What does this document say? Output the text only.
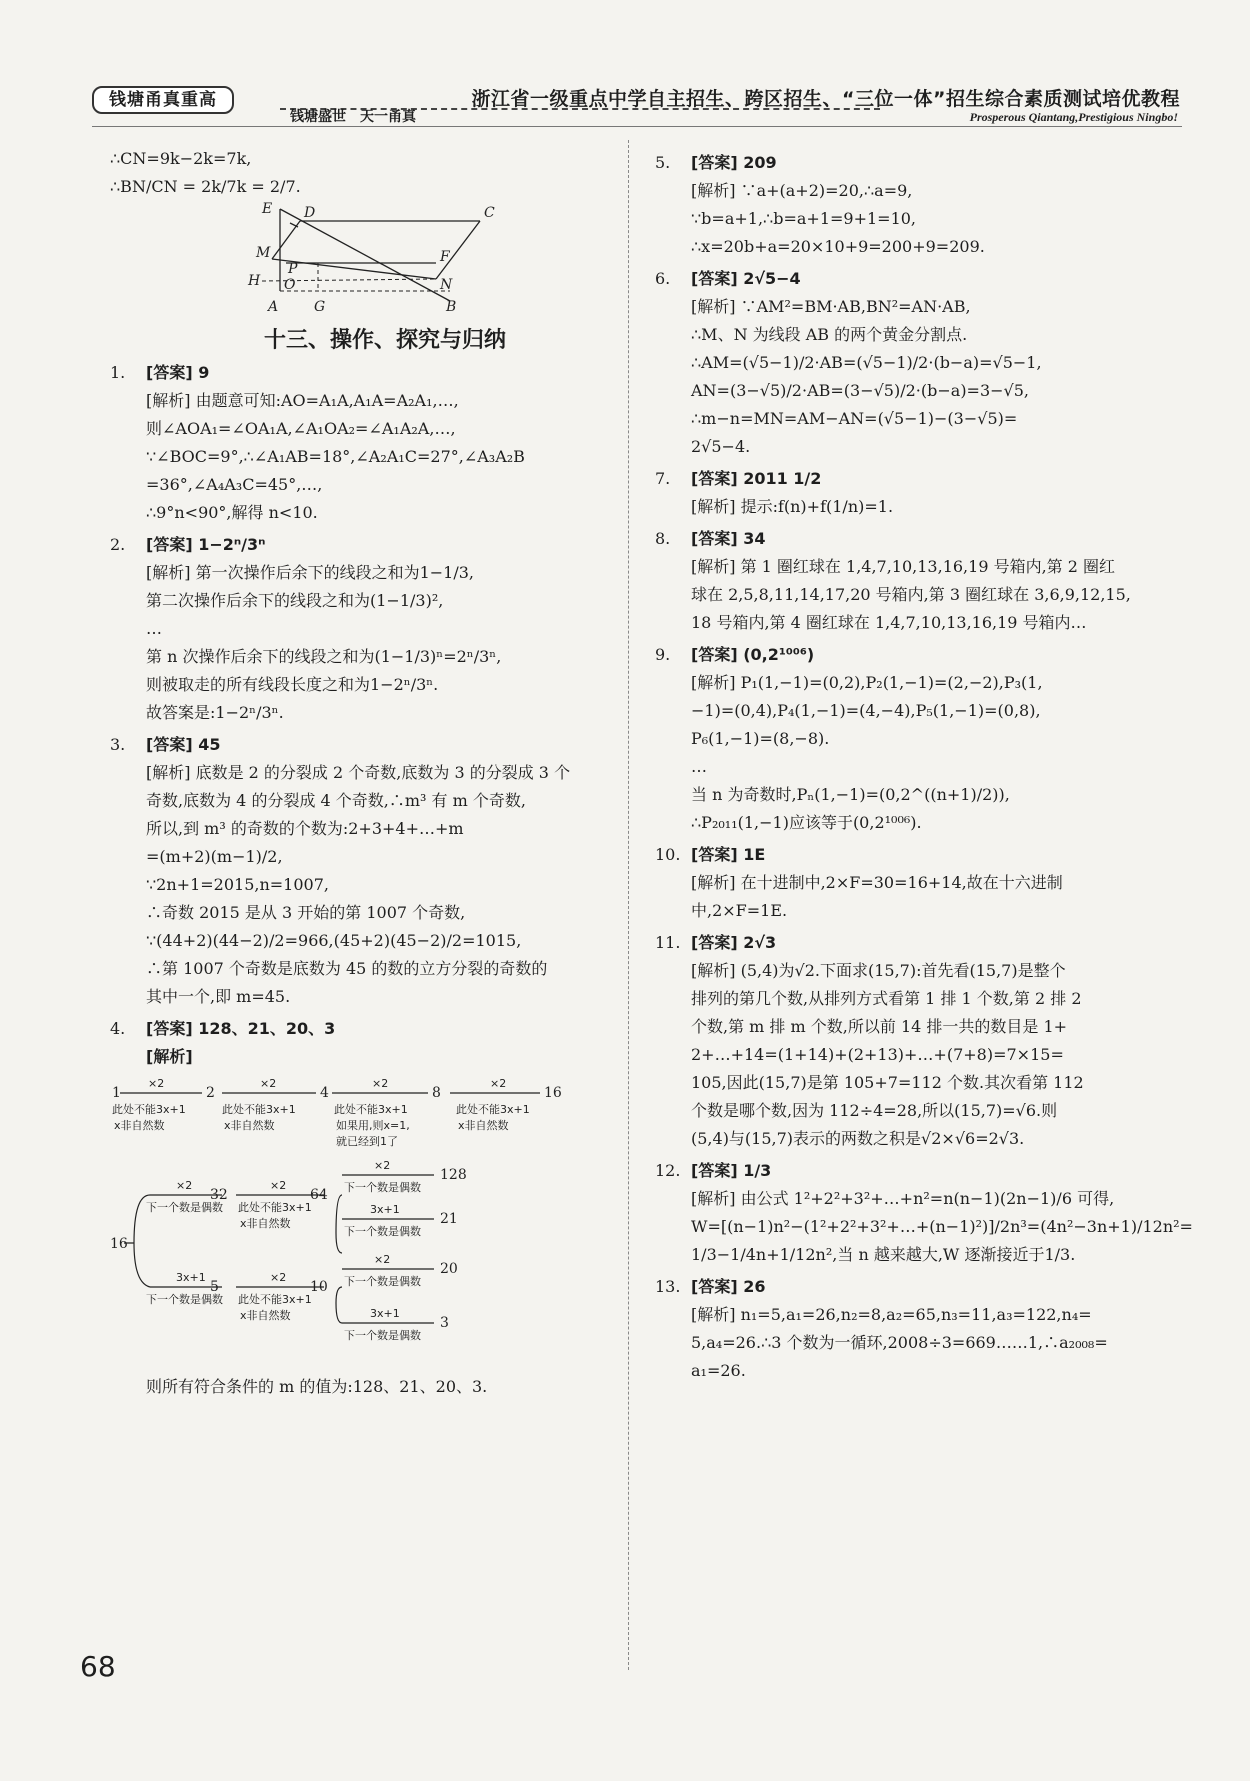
钱塘甬真重高	浙江省一级重点中学自主招生、跨区招生、“三位一体”招生综合素质测试培优教程
钱塘盛世　天一甬真	Prosperous Qiantang,Prestigious Ningbo!
∴CN=9k−2k=7k,
∴BN/CN = 2k/7k = 2/7.
E D	C
M
P
F
H O	N
A	G	B
十三、操作、探究与归纳
1. [答案] 9
[解析] 由题意可知:AO=A₁A,A₁A=A₂A₁,…,
则∠AOA₁=∠OA₁A,∠A₁OA₂=∠A₁A₂A,…,
∵∠BOC=9°,∴∠A₁AB=18°,∠A₂A₁C=27°,∠A₃A₂B
=36°,∠A₄A₃C=45°,…,
∴9°n<90°,解得 n<10.
2. [答案] 1−2ⁿ/3ⁿ
[解析] 第一次操作后余下的线段之和为1−1/3,
第二次操作后余下的线段之和为(1−1/3)²,
…
第 n 次操作后余下的线段之和为(1−1/3)ⁿ=2ⁿ/3ⁿ,
则被取走的所有线段长度之和为1−2ⁿ/3ⁿ.
故答案是:1−2ⁿ/3ⁿ.
3. [答案] 45
[解析] 底数是 2 的分裂成 2 个奇数,底数为 3 的分裂成 3 个
奇数,底数为 4 的分裂成 4 个奇数,∴m³ 有 m 个奇数,
所以,到 m³ 的奇数的个数为:2+3+4+…+m
=(m+2)(m−1)/2,
∵2n+1=2015,n=1007,
∴奇数 2015 是从 3 开始的第 1007 个奇数,
∵(44+2)(44−2)/2=966,(45+2)(45−2)/2=1015,
∴第 1007 个奇数是底数为 45 的数的立方分裂的奇数的
其中一个,即 m=45.
4. [答案] 128、21、20、3
[解析]
1	2	4	8	16
16
32	64
128
21
5	10
20
3
×2	×2	×2	×2
×2	×2
×2
3x+1
3x+1	×2
×2
3x+1
此处不能3x+1
x非自然数
此处不能3x+1
x非自然数
此处不能3x+1
如果用,则x=1,
就已经到1了
此处不能3x+1
x非自然数
下一个数是偶数 此处不能3x+1
x非自然数
下一个数是偶数
下一个数是偶数
下一个数是偶数 此处不能3x+1
x非自然数
下一个数是偶数
下一个数是偶数
则所有符合条件的 m 的值为:128、21、20、3.
5. [答案] 209
[解析] ∵a+(a+2)=20,∴a=9,
∵b=a+1,∴b=a+1=9+1=10,
∴x=20b+a=20×10+9=200+9=209.
6. [答案] 2√5−4
[解析] ∵AM²=BM·AB,BN²=AN·AB,
∴M、N 为线段 AB 的两个黄金分割点.
∴AM=(√5−1)/2·AB=(√5−1)/2·(b−a)=√5−1,
AN=(3−√5)/2·AB=(3−√5)/2·(b−a)=3−√5,
∴m−n=MN=AM−AN=(√5−1)−(3−√5)=
2√5−4.
7. [答案] 2011 1/2
[解析] 提示:f(n)+f(1/n)=1.
8. [答案] 34
[解析] 第 1 圈红球在 1,4,7,10,13,16,19 号箱内,第 2 圈红
球在 2,5,8,11,14,17,20 号箱内,第 3 圈红球在 3,6,9,12,15,
18 号箱内,第 4 圈红球在 1,4,7,10,13,16,19 号箱内…
9. [答案] (0,2¹⁰⁰⁶)
[解析] P₁(1,−1)=(0,2),P₂(1,−1)=(2,−2),P₃(1,
−1)=(0,4),P₄(1,−1)=(4,−4),P₅(1,−1)=(0,8),
P₆(1,−1)=(8,−8).
…
当 n 为奇数时,Pₙ(1,−1)=(0,2^((n+1)/2)),
∴P₂₀₁₁(1,−1)应该等于(0,2¹⁰⁰⁶).
10. [答案] 1E
[解析] 在十进制中,2×F=30=16+14,故在十六进制
中,2×F=1E.
11. [答案] 2√3
[解析] (5,4)为√2.下面求(15,7):首先看(15,7)是整个
排列的第几个数,从排列方式看第 1 排 1 个数,第 2 排 2
个数,第 m 排 m 个数,所以前 14 排一共的数目是 1+
2+…+14=(1+14)+(2+13)+…+(7+8)=7×15=
105,因此(15,7)是第 105+7=112 个数.其次看第 112
个数是哪个数,因为 112÷4=28,所以(15,7)=√6.则
(5,4)与(15,7)表示的两数之积是√2×√6=2√3.
12. [答案] 1/3
[解析] 由公式 1²+2²+3²+…+n²=n(n−1)(2n−1)/6 可得,
W=[(n−1)n²−(1²+2²+3²+…+(n−1)²)]/2n³=(4n²−3n+1)/12n²=
1/3−1/4n+1/12n²,当 n 越来越大,W 逐渐接近于1/3.
13. [答案] 26
[解析] n₁=5,a₁=26,n₂=8,a₂=65,n₃=11,a₃=122,n₄=
5,a₄=26.∴3 个数为一循环,2008÷3=669……1,∴a₂₀₀₈=
a₁=26.
68
